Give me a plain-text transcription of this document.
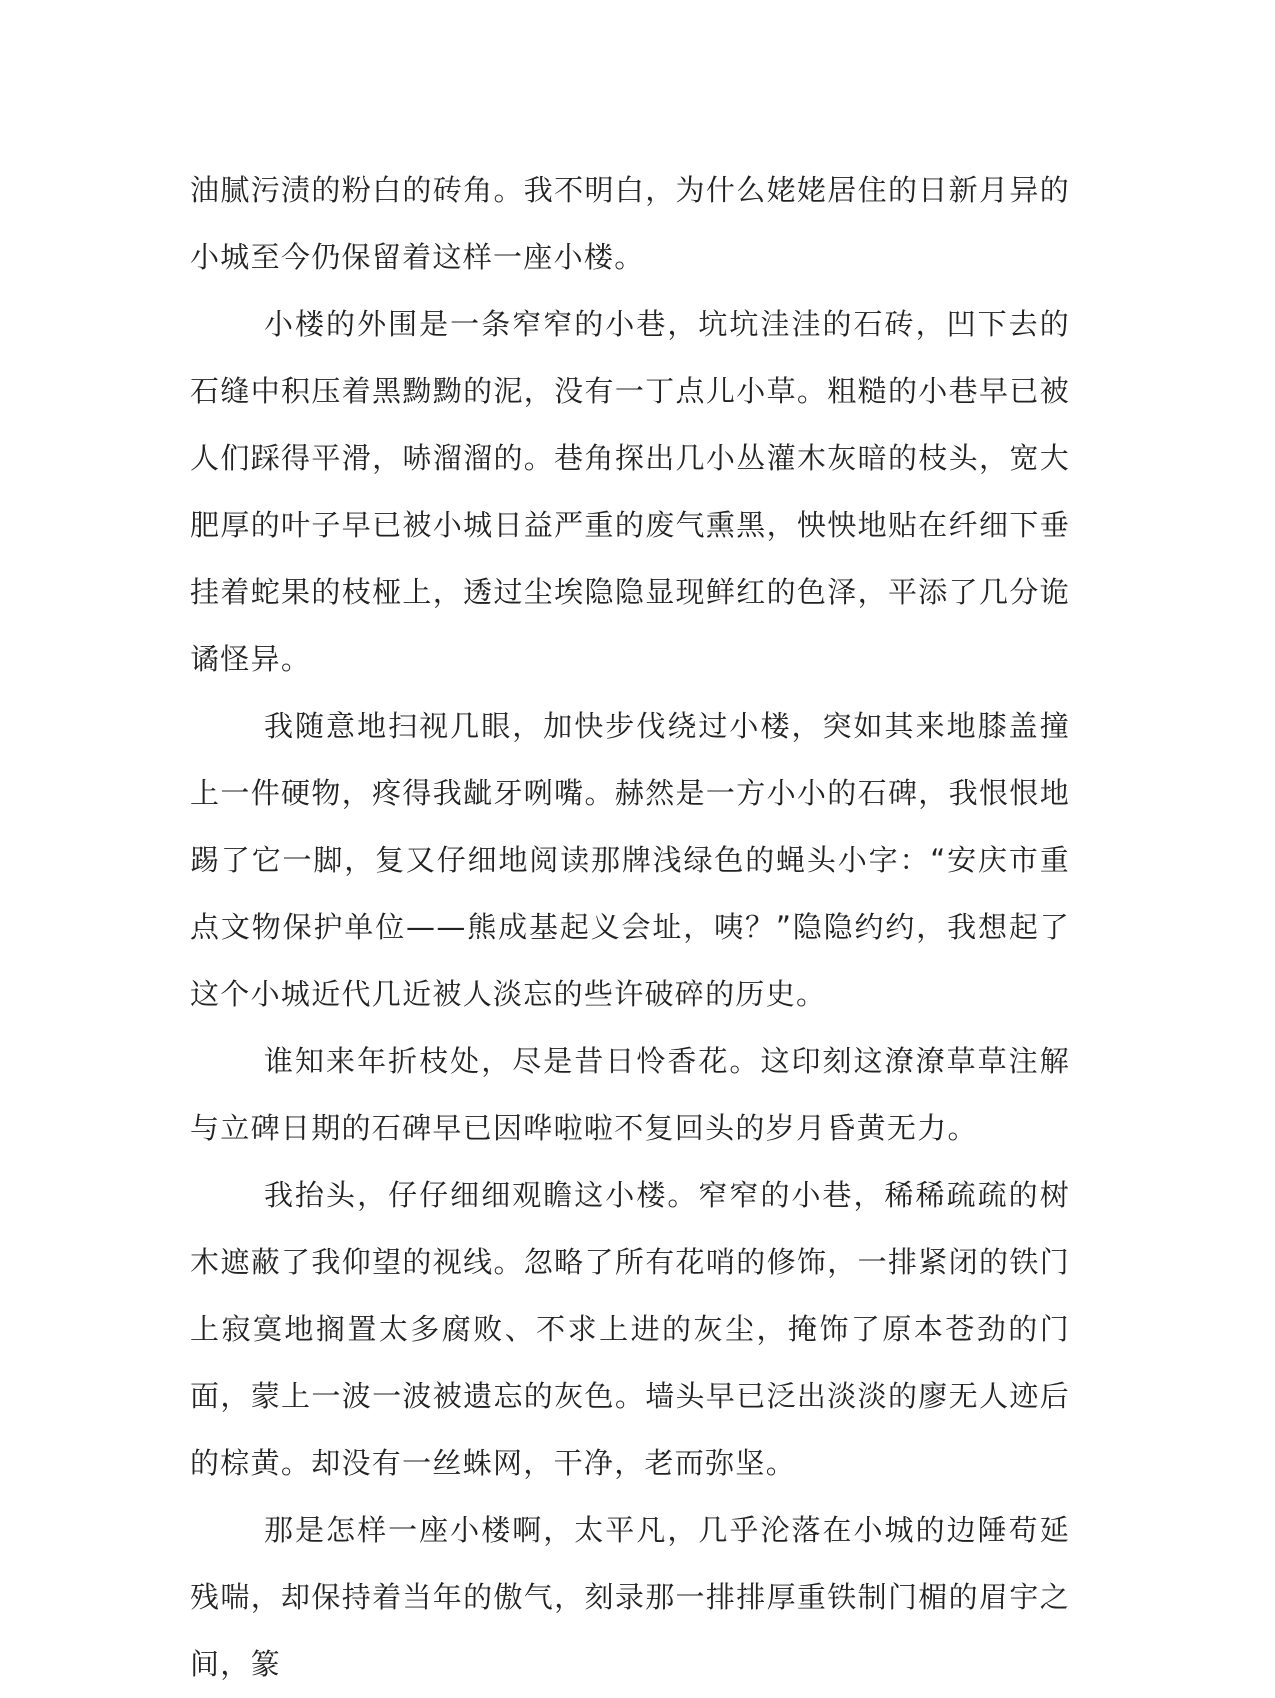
油腻污渍的粉白的砖角。我不明白，为什么姥姥居住的日新月异的小城至今仍保留着这样一座小楼。

小楼的外围是一条窄窄的小巷，坑坑洼洼的石砖，凹下去的石缝中积压着黑黝黝的泥，没有一丁点儿小草。粗糙的小巷早已被人们踩得平滑，哧溜溜的。巷角探出几小丛灌木灰暗的枝头，宽大肥厚的叶子早已被小城日益严重的废气熏黑，怏怏地贴在纤细下垂挂着蛇果的枝桠上，透过尘埃隐隐显现鲜红的色泽，平添了几分诡谲怪异。

我随意地扫视几眼，加快步伐绕过小楼，突如其来地膝盖撞上一件硬物，疼得我龇牙咧嘴。赫然是一方小小的石碑，我恨恨地踢了它一脚，复又仔细地阅读那牌浅绿色的蝇头小字：“安庆市重点文物保护单位——熊成基起义会址，咦？”隐隐约约，我想起了这个小城近代几近被人淡忘的些许破碎的历史。

谁知来年折枝处，尽是昔日怜香花。这印刻这潦潦草草注解与立碑日期的石碑早已因哗啦啦不复回头的岁月昏黄无力。

我抬头，仔仔细细观瞻这小楼。窄窄的小巷，稀稀疏疏的树木遮蔽了我仰望的视线。忽略了所有花哨的修饰，一排紧闭的铁门上寂寞地搁置太多腐败、不求上进的灰尘，掩饰了原本苍劲的门面，蒙上一波一波被遗忘的灰色。墙头早已泛出淡淡的廖无人迹后的棕黄。却没有一丝蛛网，干净，老而弥坚。

那是怎样一座小楼啊，太平凡，几乎沦落在小城的边陲苟延残喘，却保持着当年的傲气，刻录那一排排厚重铁制门楣的眉宇之间，篆
